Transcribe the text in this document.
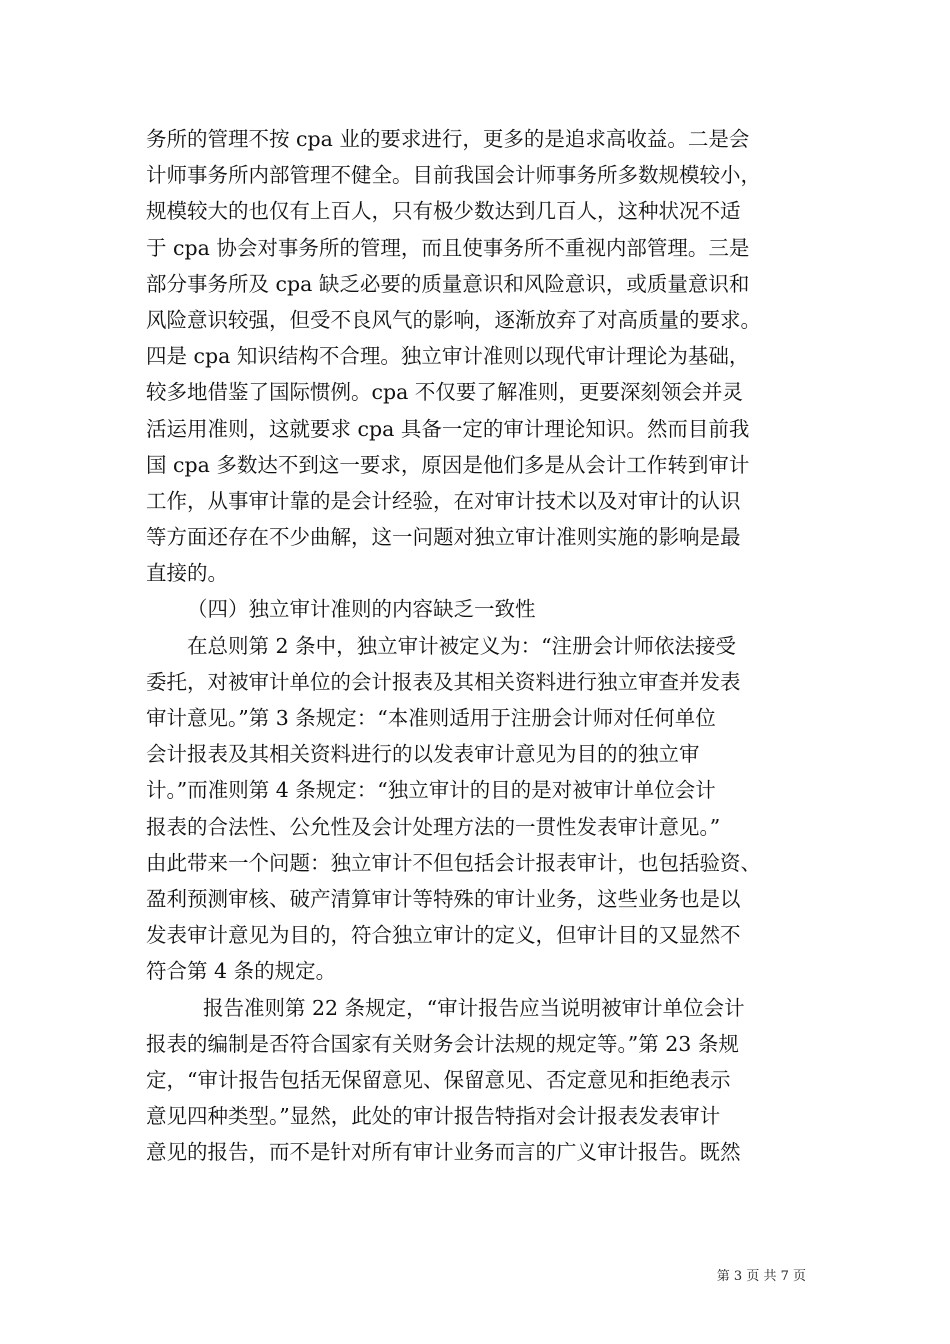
务所的管理不按 cpa 业的要求进行，更多的是追求高收益。二是会
计师事务所内部管理不健全。目前我国会计师事务所多数规模较小，
规模较大的也仅有上百人，只有极少数达到几百人，这种状况不适
于 cpa 协会对事务所的管理，而且使事务所不重视内部管理。三是
部分事务所及 cpa 缺乏必要的质量意识和风险意识，或质量意识和
风险意识较强，但受不良风气的影响，逐渐放弃了对高质量的要求。
四是 cpa 知识结构不合理。独立审计准则以现代审计理论为基础，
较多地借鉴了国际惯例。cpa 不仅要了解准则，更要深刻领会并灵
活运用准则，这就要求 cpa 具备一定的审计理论知识。然而目前我
国 cpa 多数达不到这一要求，原因是他们多是从会计工作转到审计
工作，从事审计靠的是会计经验，在对审计技术以及对审计的认识
等方面还存在不少曲解，这一问题对独立审计准则实施的影响是最
直接的。
（四）独立审计准则的内容缺乏一致性
在总则第 2 条中，独立审计被定义为：“注册会计师依法接受
委托，对被审计单位的会计报表及其相关资料进行独立审查并发表
审计意见。”第 3 条规定：“本准则适用于注册会计师对任何单位
会计报表及其相关资料进行的以发表审计意见为目的的独立审
计。”而准则第 4 条规定：“独立审计的目的是对被审计单位会计
报表的合法性、公允性及会计处理方法的一贯性发表审计意见。”
由此带来一个问题：独立审计不但包括会计报表审计，也包括验资、
盈利预测审核、破产清算审计等特殊的审计业务，这些业务也是以
发表审计意见为目的，符合独立审计的定义，但审计目的又显然不
符合第 4 条的规定。
报告准则第 22 条规定，“审计报告应当说明被审计单位会计
报表的编制是否符合国家有关财务会计法规的规定等。”第 23 条规
定，“审计报告包括无保留意见、保留意见、否定意见和拒绝表示
意见四种类型。”显然，此处的审计报告特指对会计报表发表审计
意见的报告，而不是针对所有审计业务而言的广义审计报告。既然
第 3 页 共 7 页
